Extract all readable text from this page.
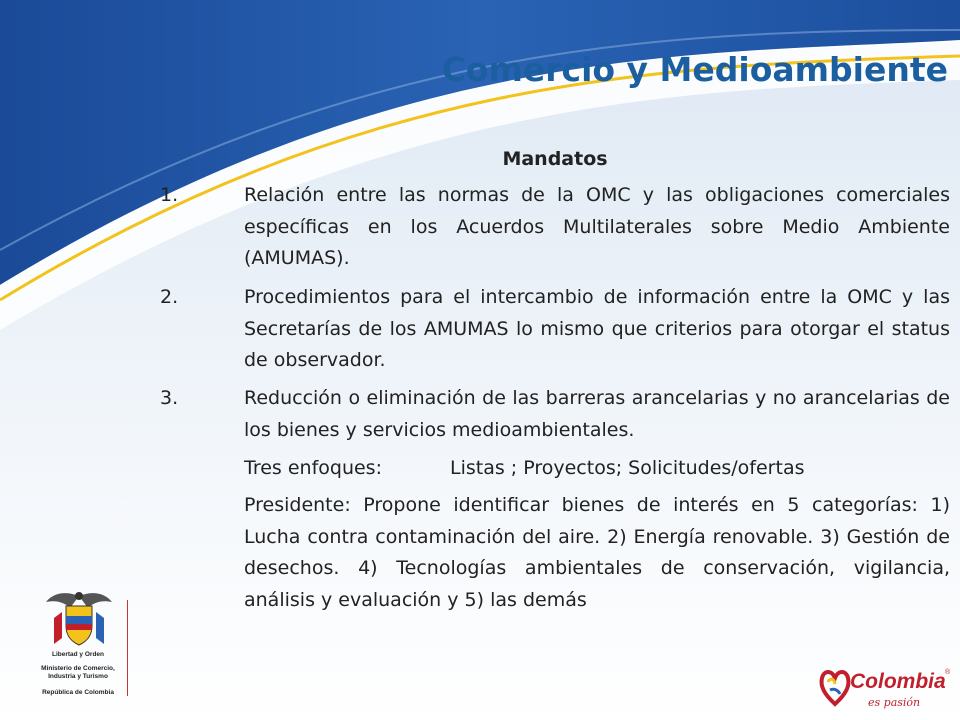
Comercio y Medioambiente
Mandatos
1.	Relación entre las normas de la OMC y las obligaciones comerciales específicas en los Acuerdos Multilaterales sobre Medio Ambiente (AMUMAS).
2.	Procedimientos para el intercambio de información entre la OMC y las Secretarías de los AMUMAS lo mismo que criterios para otorgar el status de observador.
3.	Reducción o eliminación de las barreras arancelarias y no arancelarias de los bienes y servicios medioambientales.
Tres enfoques:	Listas ; Proyectos; Solicitudes/ofertas
Presidente: Propone identificar bienes de interés en 5 categorías: 1) Lucha contra contaminación del aire. 2) Energía renovable. 3) Gestión de desechos. 4) Tecnologías ambientales de conservación, vigilancia, análisis y evaluación y 5) las demás
Libertad y Orden
Ministerio de Comercio,
Industria y Turismo
República de Colombia	Colombia ®
es pasión
